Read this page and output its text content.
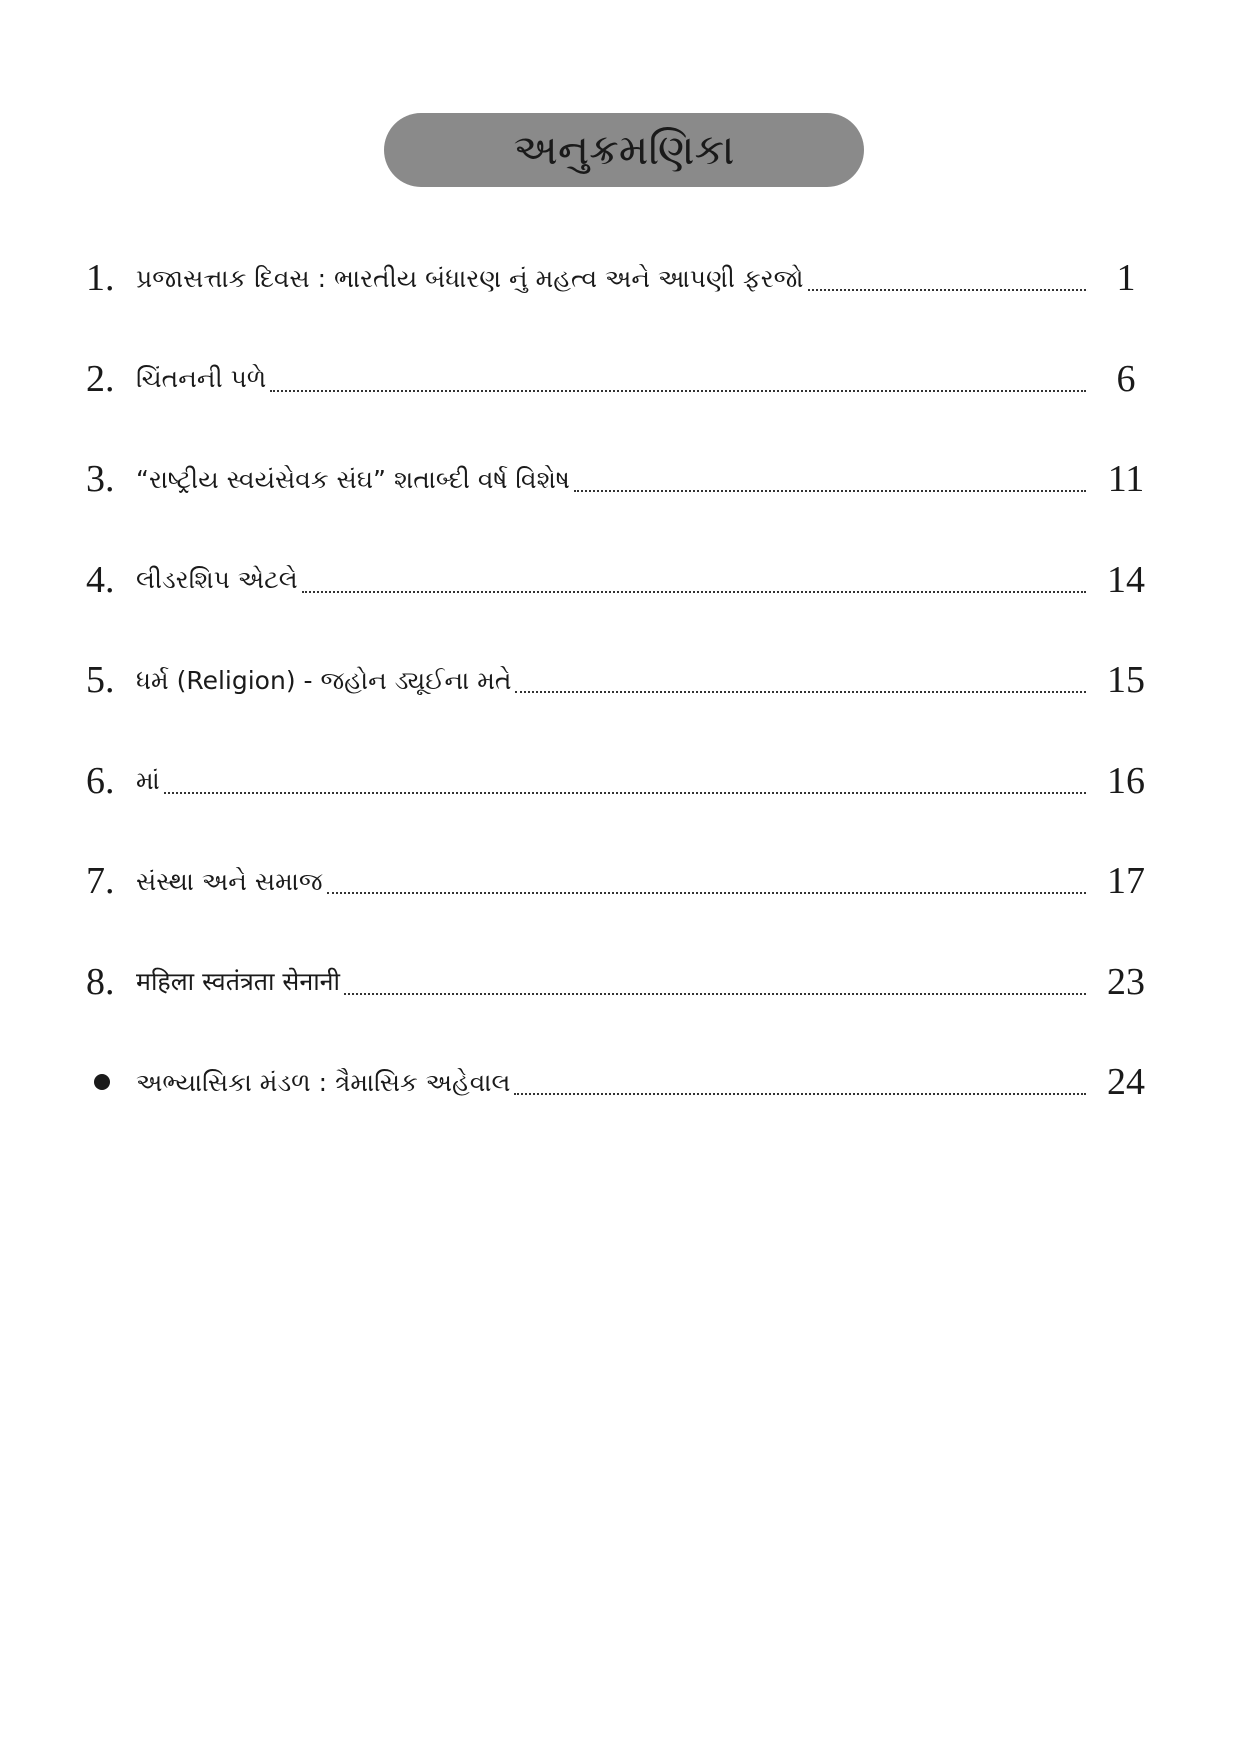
અનુક્રમણિકા
1. પ્રજાસત્તાક દિવસ : ભારતીય બંધારણ નું મહત્વ અને આપણી ફરજો	1
2. ચિંતનની પળે	6
3. “રાષ્ટ્રીય સ્વયંસેવક સંઘ” શતાબ્દી વર્ષ વિશેષ	11
4. લીડરશિપ એટલે	14
5. ધર્મ (Religion) - જહોન ડ્યૂઈના મતે	15
6. માં	16
7. સંસ્થા અને સમાજ	17
8. महिला स्वतंत्रता सेनानी	23
અભ્યાસિકા મંડળ : ત્રૈમાસિક અહેવાલ	24
